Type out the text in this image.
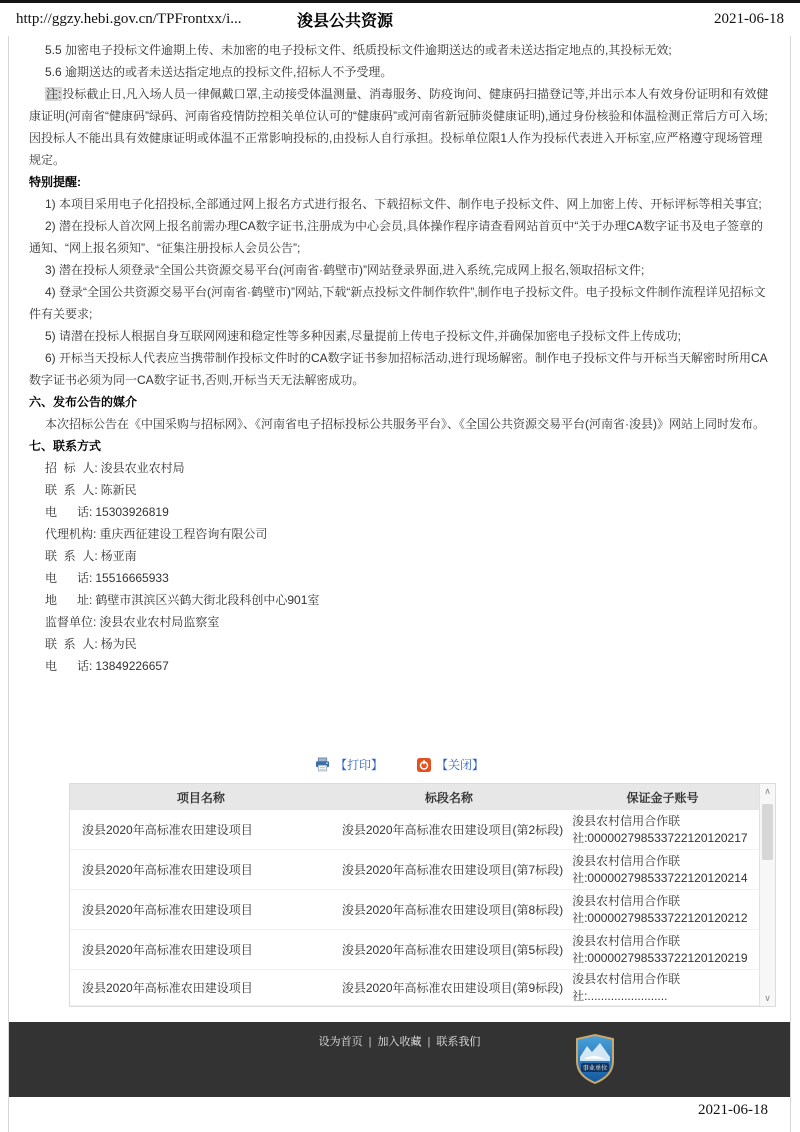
http://ggzy.hebi.gov.cn/TPFrontxx/i...	浚县公共资源	2021-06-18

5.5 加密电子投标文件逾期上传、未加密的电子投标文件、纸质投标文件逾期送达的或者未送达指定地点的,其投标无效;

5.6 逾期送达的或者未送达指定地点的投标文件,招标人不予受理。

注:投标截止日,凡入场人员一律佩戴口罩,主动接受体温测量、消毒服务、防疫询问、健康码扫描登记等,并出示本人有效身份证明和有效健康证明(河南省“健康码”绿码、河南省疫情防控相关单位认可的“健康码”或河南省新冠肺炎健康证明),通过身份核验和体温检测正常后方可入场;因投标人不能出具有效健康证明或体温不正常影响投标的,由投标人自行承担。投标单位限1人作为投标代表进入开标室,应严格遵守现场管理规定。

特别提醒:

1) 本项目采用电子化招投标,全部通过网上报名方式进行报名、下载招标文件、制作电子投标文件、网上加密上传、开标评标等相关事宜;

2) 潜在投标人首次网上报名前需办理CA数字证书,注册成为中心会员,具体操作程序请查看网站首页中“关于办理CA数字证书及电子签章的通知、“网上报名须知”、“征集注册投标人会员公告”;

3) 潜在投标人须登录“全国公共资源交易平台(河南省·鹤壁市)”网站登录界面,进入系统,完成网上报名,领取招标文件;

4) 登录“全国公共资源交易平台(河南省·鹤壁市)”网站,下载“新点投标文件制作软件”,制作电子投标文件。电子投标文件制作流程详见招标文件有关要求;

5) 请潜在投标人根据自身互联网网速和稳定性等多种因素,尽量提前上传电子投标文件,并确保加密电子投标文件上传成功;

6) 开标当天投标人代表应当携带制作投标文件时的CA数字证书参加招标活动,进行现场解密。制作电子投标文件与开标当天解密时所用CA数字证书必须为同一CA数字证书,否则,开标当天无法解密成功。

六、发布公告的媒介

本次招标公告在《中国采购与招标网》、《河南省电子招标投标公共服务平台》、《全国公共资源交易平台(河南省·浚县)》网站上同时发布。

七、联系方式

招  标  人: 浚县农业农村局
联  系  人: 陈新民
电      话: 15303926819
代理机构: 重庆西征建设工程咨询有限公司
联  系  人: 杨亚南
电      话: 15516665933
地      址: 鹤壁市淇滨区兴鹤大街北段科创中心901室
监督单位: 浚县农业农村局监察室
联  系  人: 杨为民
电      话: 13849226657
【打印】	【关闭】
项目名称	标段名称	保证金子账号
浚县2020年高标准农田建设项目	浚县2020年高标准农田建设项目(第2标段)
浚县农村信用合作联
社:000002798533722120120217
浚县2020年高标准农田建设项目	浚县2020年高标准农田建设项目(第7标段)
浚县农村信用合作联
社:000002798533722120120214
浚县2020年高标准农田建设项目	浚县2020年高标准农田建设项目(第8标段)
浚县农村信用合作联
社:000002798533722120120212
浚县2020年高标准农田建设项目	浚县2020年高标准农田建设项目(第5标段)
浚县农村信用合作联
社:000002798533722120120219
浚县2020年高标准农田建设项目	浚县2020年高标准农田建设项目(第9标段)
浚县农村信用合作联
社:........................
∧
∨
设为首页 | 加入收藏 | 联系我们
事业单位
2021-06-18
